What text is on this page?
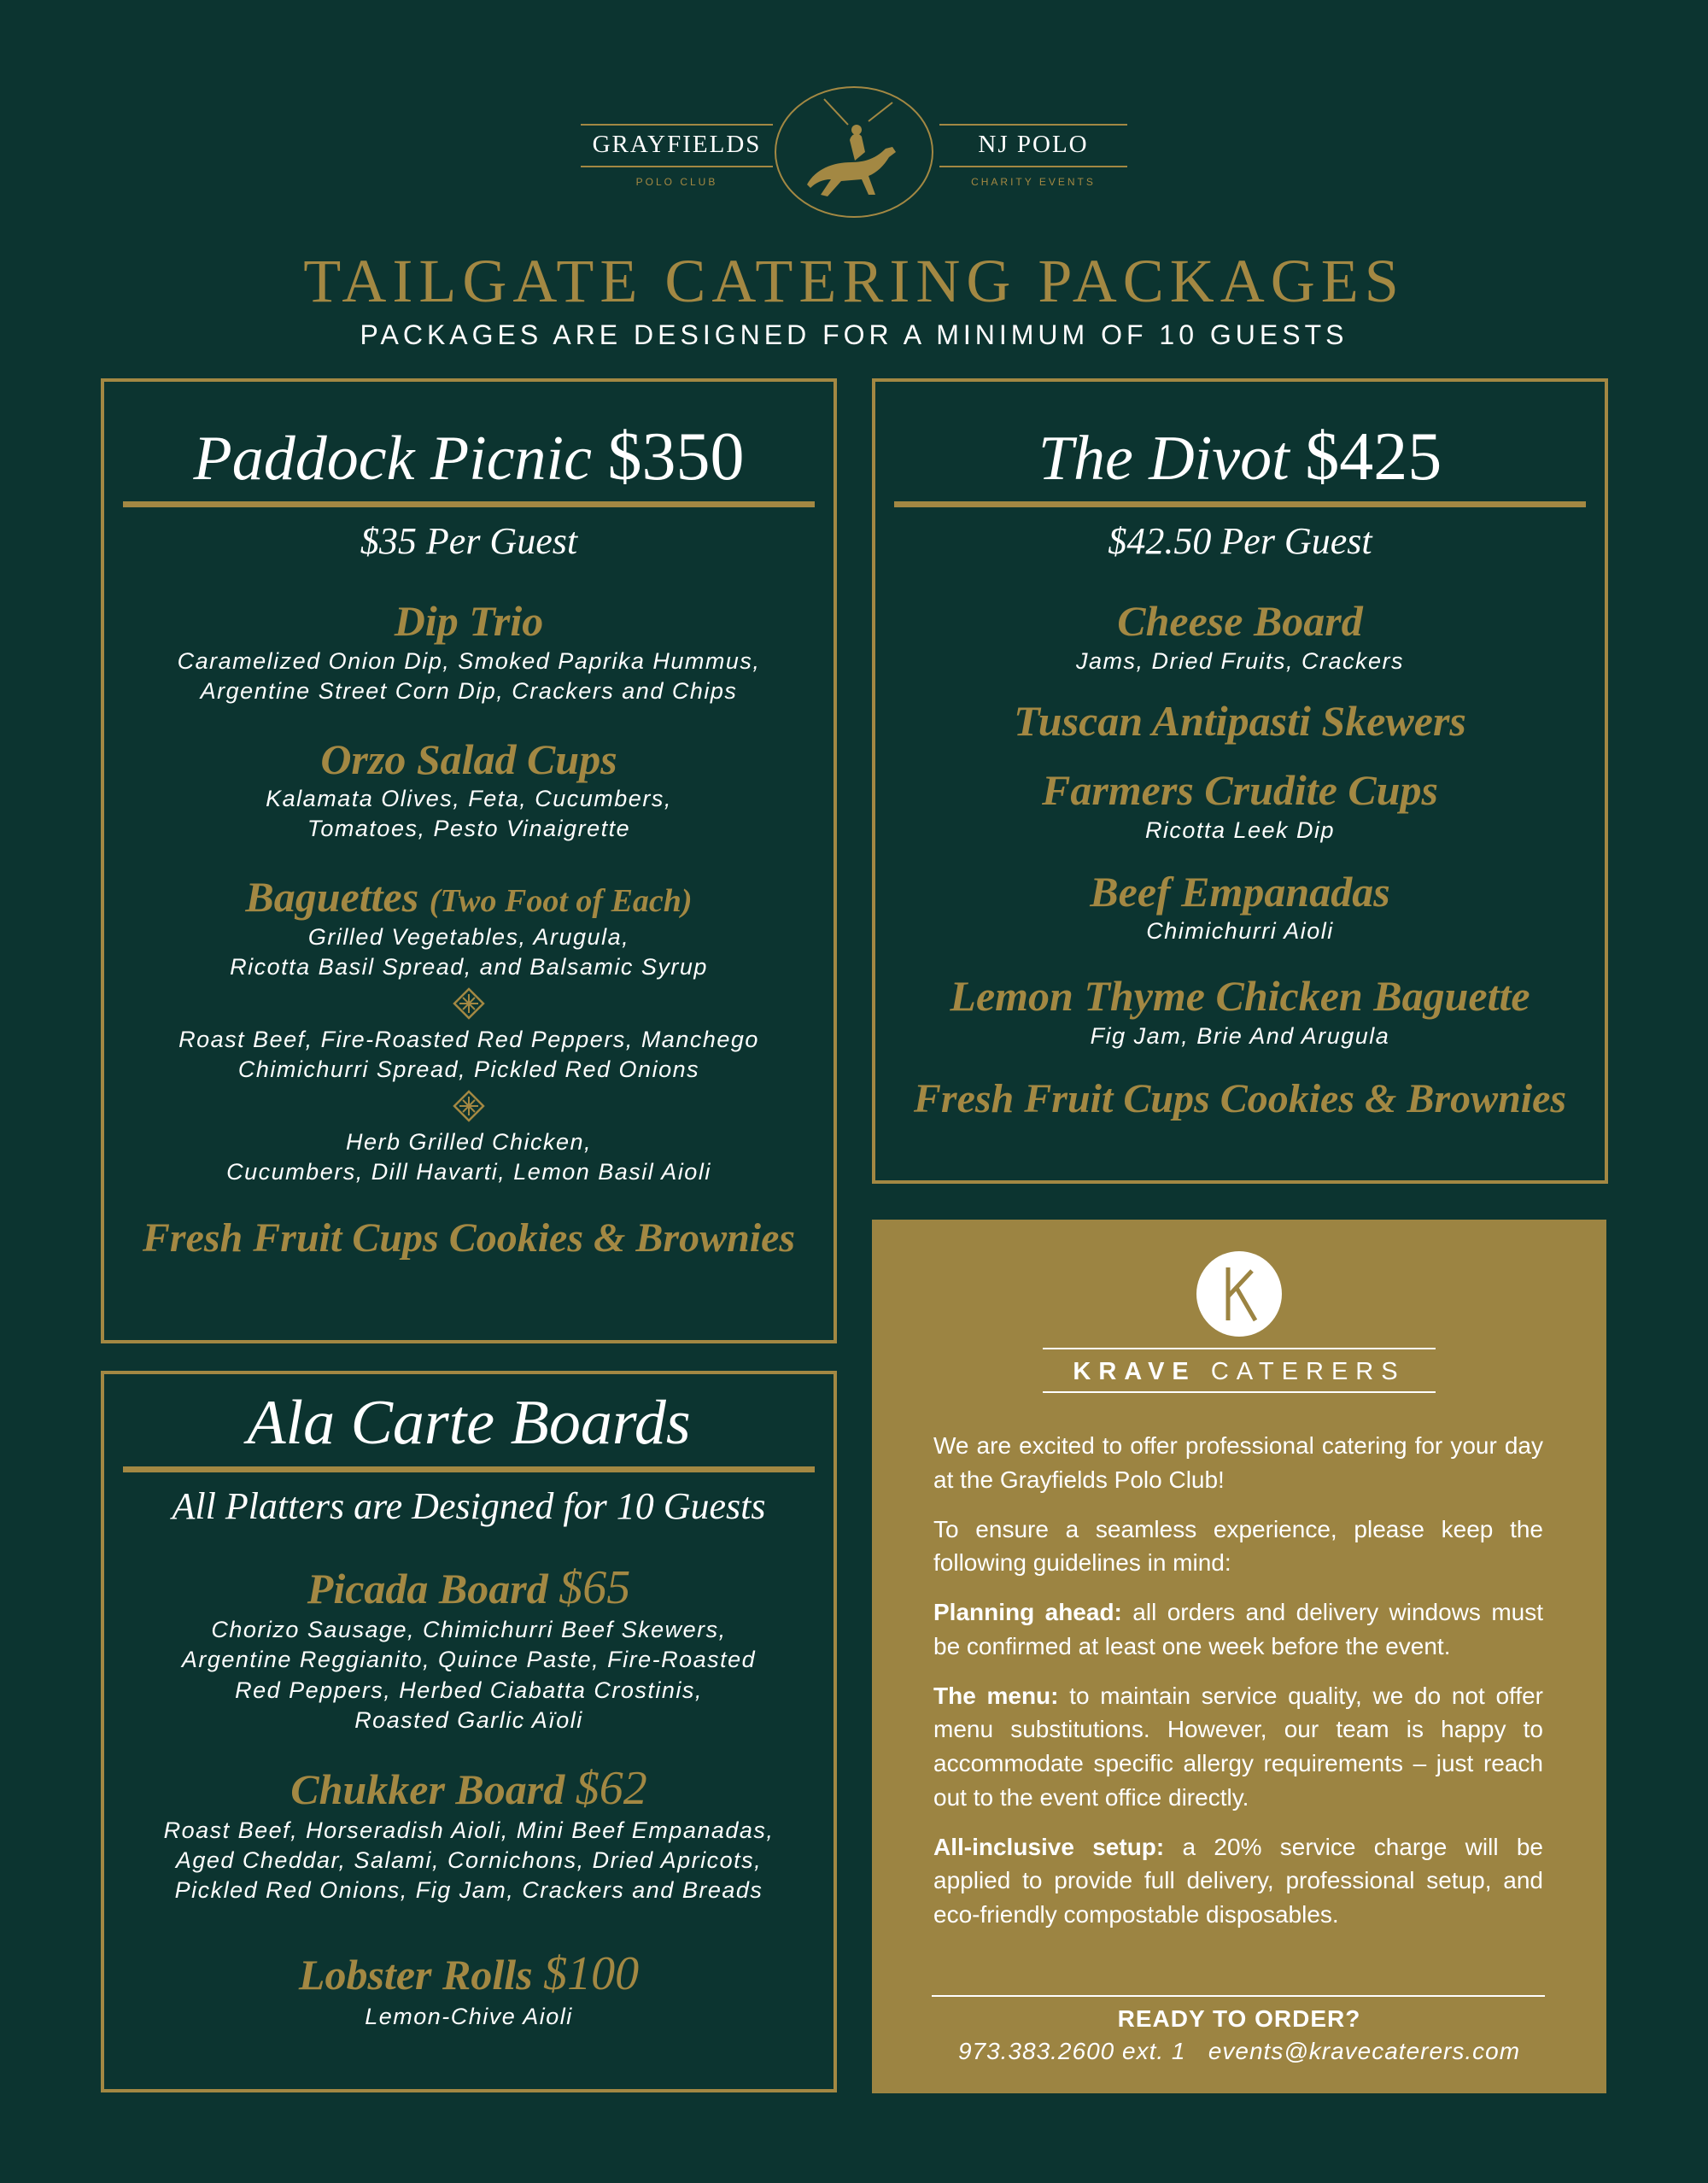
GRAYFIELDS
POLO CLUB
NJ POLO
CHARITY EVENTS
TAILGATE CATERING PACKAGES
PACKAGES ARE DESIGNED FOR A MINIMUM OF 10 GUESTS
Paddock Picnic $350
$35 Per Guest
Dip Trio
Caramelized Onion Dip, Smoked Paprika Hummus,
Argentine Street Corn Dip, Crackers and Chips
Orzo Salad Cups
Kalamata Olives, Feta, Cucumbers,
Tomatoes, Pesto Vinaigrette
Baguettes (Two Foot of Each)
Grilled Vegetables, Arugula,
Ricotta Basil Spread, and Balsamic Syrup
Roast Beef, Fire-Roasted Red Peppers, Manchego
Chimichurri Spread, Pickled Red Onions
Herb Grilled Chicken,
Cucumbers, Dill Havarti, Lemon Basil Aioli
Fresh Fruit Cups Cookies & Brownies
The Divot $425
$42.50 Per Guest
Cheese Board
Jams, Dried Fruits, Crackers
Tuscan Antipasti Skewers
Farmers Crudite Cups
Ricotta Leek Dip
Beef Empanadas
Chimichurri Aioli
Lemon Thyme Chicken Baguette
Fig Jam, Brie And Arugula
Fresh Fruit Cups Cookies & Brownies
Ala Carte Boards
All Platters are Designed for 10 Guests
Picada Board $65
Chorizo Sausage, Chimichurri Beef Skewers,
Argentine Reggianito, Quince Paste, Fire-Roasted
Red Peppers, Herbed Ciabatta Crostinis,
Roasted Garlic Aïoli
Chukker Board $62
Roast Beef, Horseradish Aioli, Mini Beef Empanadas,
Aged Cheddar, Salami, Cornichons, Dried Apricots,
Pickled Red Onions, Fig Jam, Crackers and Breads
Lobster Rolls $100
Lemon-Chive Aioli
KRAVE CATERERS

We are excited to offer professional catering for your day at the Grayfields Polo Club!

To ensure a seamless experience, please keep the following guidelines in mind:

Planning ahead: all orders and delivery windows must be confirmed at least one week before the event.

The menu: to maintain service quality, we do not offer menu substitutions. However, our team is happy to accommodate specific allergy requirements – just reach out to the event office directly.

All-inclusive setup: a 20% service charge will be applied to provide full delivery, professional setup, and eco-friendly compostable disposables.

READY TO ORDER?
973.383.2600 ext. 1 events@kravecaterers.com
